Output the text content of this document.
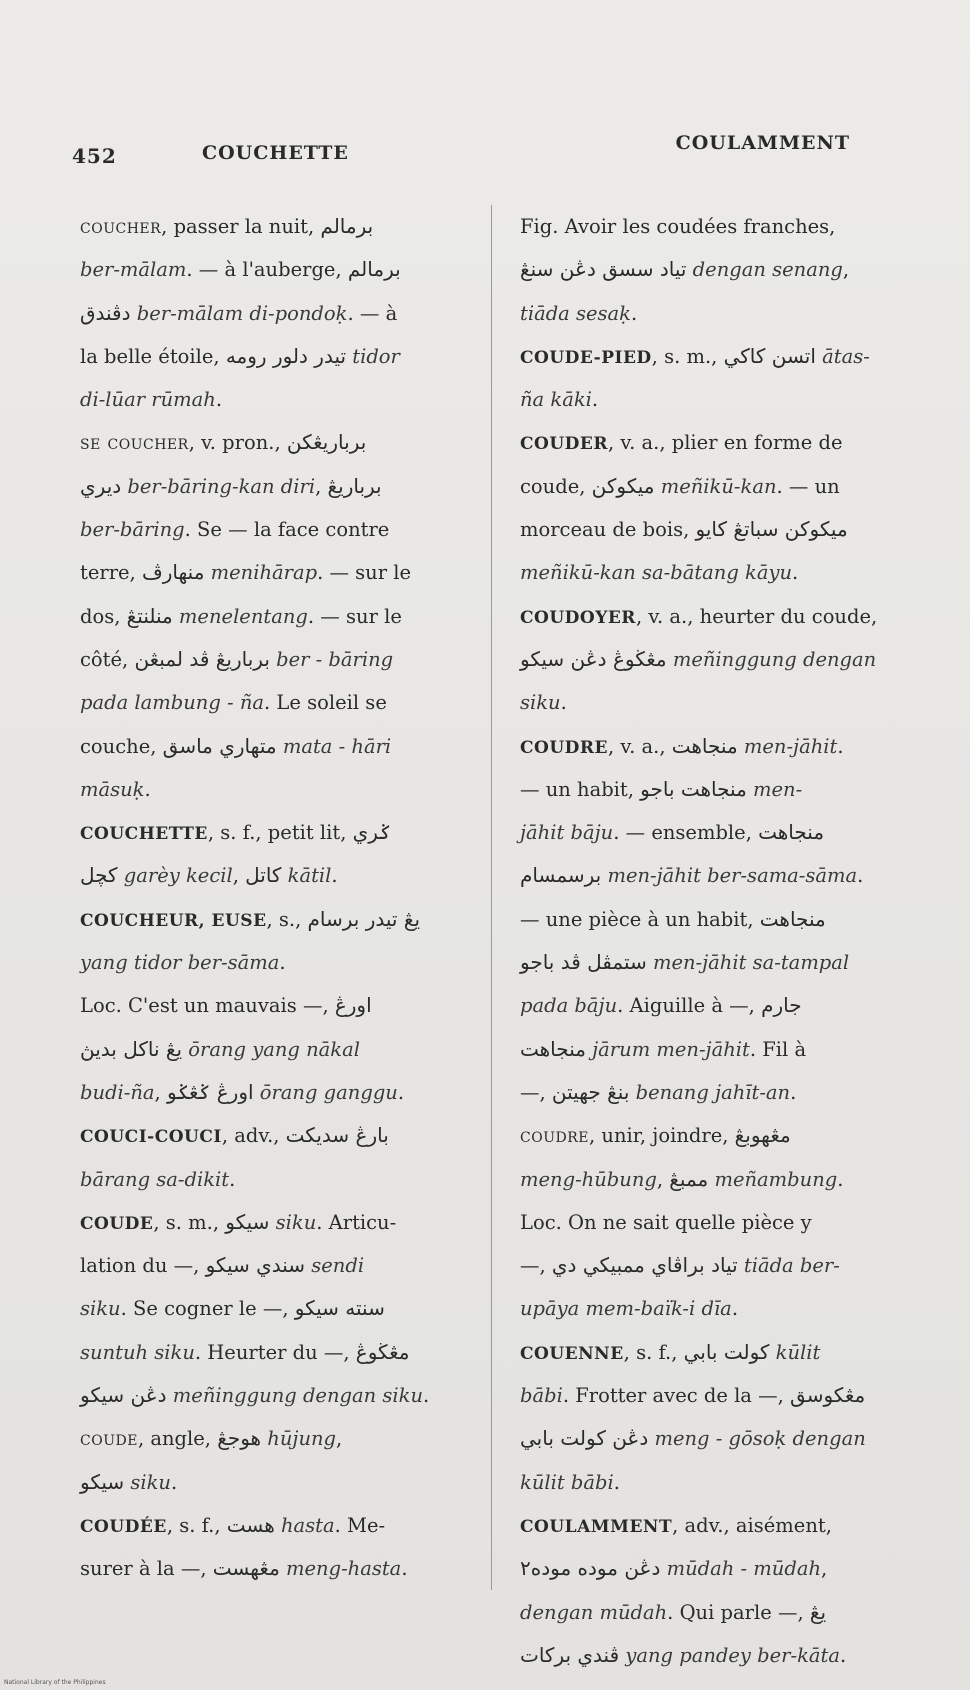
452	COUCHETTE	COULAMMENT
coucher, passer la nuit, برمالم
ber-mālam. — à l'auberge, برمالم
دڤندق ber-mālam di-pondoḳ. — à
la belle étoile, تيدر دلور رومه tidor
di-lūar rūmah.
se coucher, v. pron., برباريڠكن
ديري ber-bāring-kan diri, برباريڠ
ber-bāring. Se — la face contre
terre, منهارڤ menihārap. — sur le
dos, منلنتڠ menelentang. — sur le
côté, برباريڠ ڤد لمبڠن ber - bāring
pada lambung - ña. Le soleil se
couche, متهاري ماسق mata - hāri
māsuḳ.
COUCHETTE, s. f., petit lit, ݢري
كچل garèy kecil, كاتل kātil.
COUCHEUR, EUSE, s., يڠ تيدر برسام
yang tidor ber-sāma.
Loc. C'est un mauvais —, اورڠ
يڠ ناكل بديڽ ōrang yang nākal
budi-ña, اورڠ ݢڠݢو ōrang ganggu.
COUCI-COUCI, adv., بارڠ سديكت
bārang sa-dikit.
COUDE, s. m., سيكو siku. Articu-
lation du —, سندي سيكو sendi
siku. Se cogner le —, سنته سيكو
suntuh siku. Heurter du —, مڠڬوڠ
دڠن سيكو meñinggung dengan siku.
coude, angle, هوجڠ hūjung,
سيكو siku.
COUDÉE, s. f., هست hasta. Me-
surer à la —, مڠهست meng-hasta.
Fig. Avoir les coudées franches,
تياد سسق دڠن سنڠ dengan senang,
tiāda sesaḳ.
COUDE-PIED, s. m., اتسن كاكي ātas-
ña kāki.
COUDER, v. a., plier en forme de
coude, ميكوكن meñikū-kan. — un
morceau de bois, ميكوكن سباتڠ كايو
meñikū-kan sa-bātang kāyu.
COUDOYER, v. a., heurter du coude,
مڠڬوڠ دڠن سيكو meñinggung dengan
siku.
COUDRE, v. a., منجاهت men-jāhit.
— un habit, منجاهت باجو men-
jāhit bāju. — ensemble, منجاهت
برسمسام men-jāhit ber-sama-sāma.
— une pièce à un habit, منجاهت
ستمڤل ڤد باجو men-jāhit sa-tampal
pada bāju. Aiguille à —, جارم
منجاهت jārum men-jāhit. Fil à
—, بنڠ جهيتن benang jahīt-an.
coudre, unir, joindre, مڠهوبڠ
meng-hūbung, ممبڠ meñambung.
Loc. On ne sait quelle pièce y
—, تياد براڤاي ممبيكي دي tiāda ber-
upāya mem-baïk-i dīa.
COUENNE, s. f., كولت بابي kūlit
bābi. Frotter avec de la —, مڠكوسق
دڠن كولت بابي meng - gōsoḳ dengan
kūlit bābi.
COULAMMENT, adv., aisément,
دڠن موده موده٢ mūdah - mūdah,
dengan mūdah. Qui parle —, يڠ
ڤندي بركات yang pandey ber-kāta.
National Library of the Philippines
